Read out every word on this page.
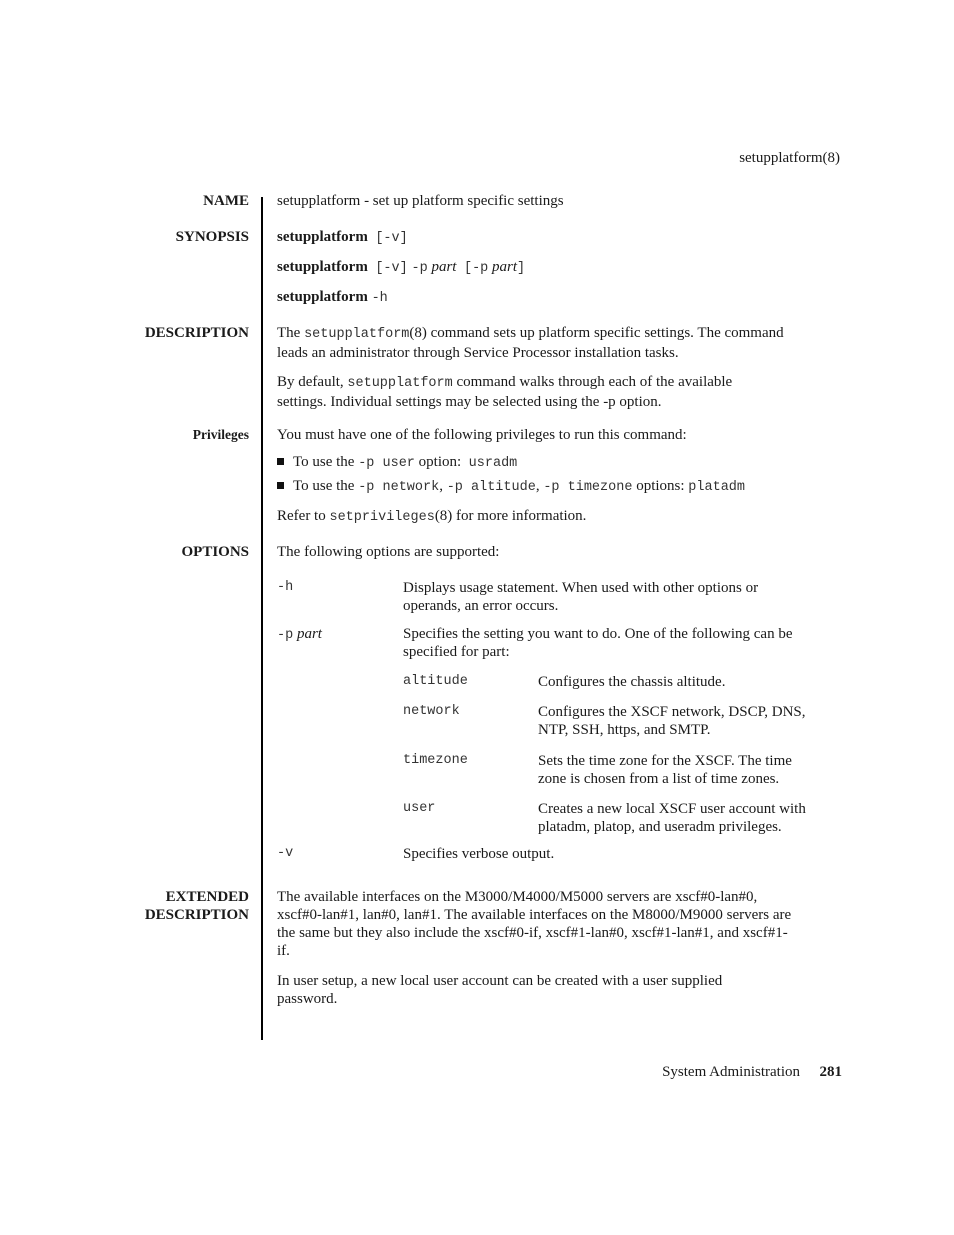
setupplatform(8)
NAME setupplatform - set up platform specific settings
SYNOPSIS setupplatform [-v]
setupplatform [-v] -p part [-p part]
setupplatform -h
DESCRIPTION The setupplatform(8) command sets up platform specific settings. The command
leads an administrator through Service Processor installation tasks.
By default, setupplatform command walks through each of the available
settings. Individual settings may be selected using the -p option.
Privileges You must have one of the following privileges to run this command:
To use the -p user option:  usradm
To use the -p network, -p altitude, -p timezone options: platadm
Refer to setprivileges(8) for more information.
OPTIONS The following options are supported:
-h	Displays usage statement. When used with other options or
operands, an error occurs.
-p part	Specifies the setting you want to do. One of the following can be
specified for part:
altitude	Configures the chassis altitude.
network	Configures the XSCF network, DSCP, DNS,
NTP, SSH, https, and SMTP.
timezone	Sets the time zone for the XSCF. The time
zone is chosen from a list of time zones.
user	Creates a new local XSCF user account with
platadm, platop, and useradm privileges.
-v	Specifies verbose output.
EXTENDED
DESCRIPTION
The available interfaces on the M3000/M4000/M5000 servers are xscf#0-lan#0,
xscf#0-lan#1, lan#0, lan#1. The available interfaces on the M8000/M9000 servers are
the same but they also include the xscf#0-if, xscf#1-lan#0, xscf#1-lan#1, and xscf#1-
if.
In user setup, a new local user account can be created with a user supplied
password.
System Administration 281
